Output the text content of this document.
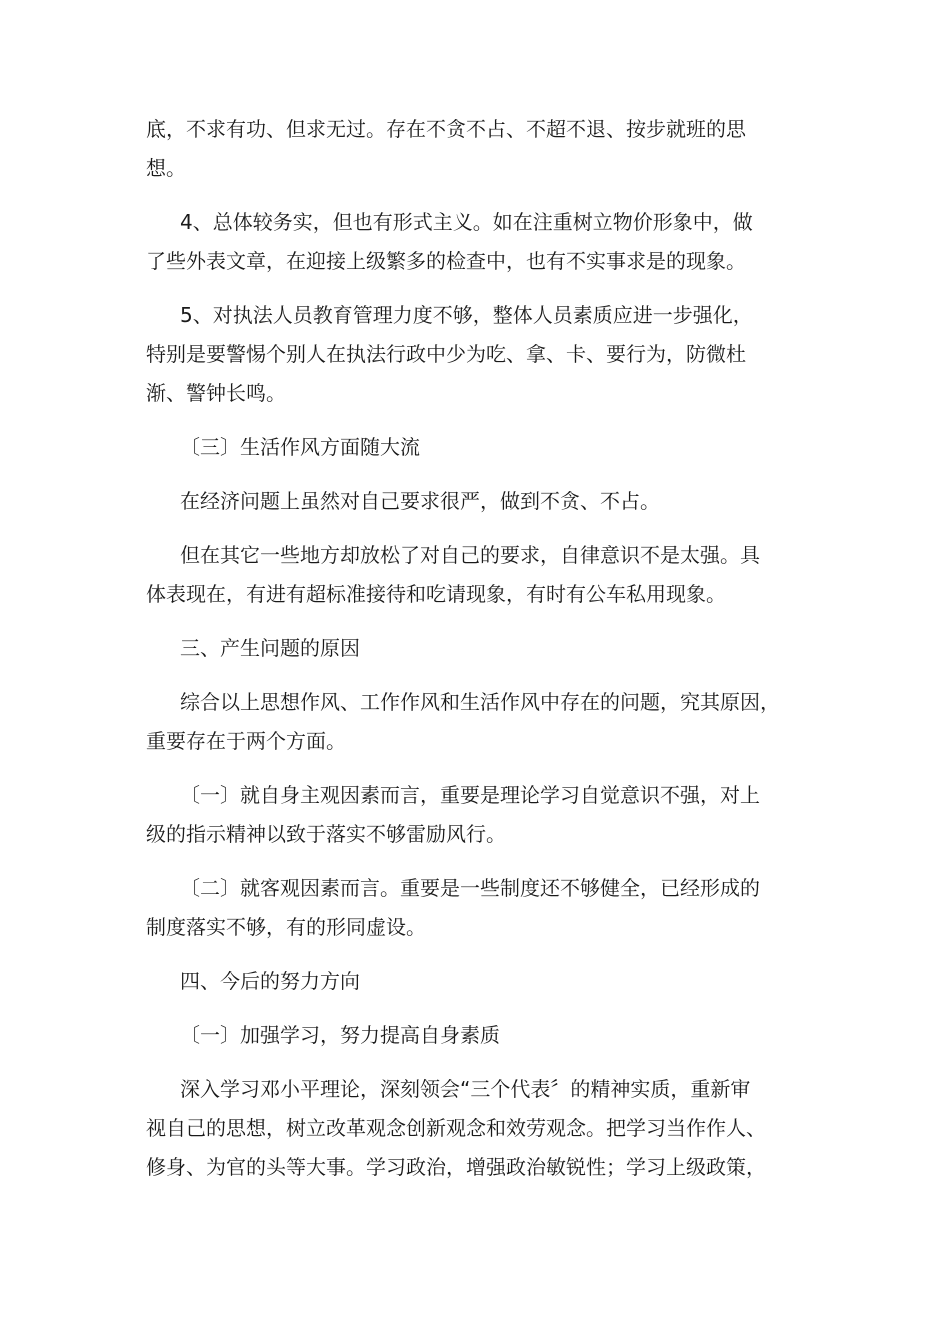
底，不求有功、但求无过。存在不贪不占、不超不退、按步就班的思
想。
4、总体较务实，但也有形式主义。如在注重树立物价形象中，做
了些外表文章，在迎接上级繁多的检查中，也有不实事求是的现象。
5、对执法人员教育管理力度不够，整体人员素质应进一步强化，
特别是要警惕个别人在执法行政中少为吃、拿、卡、要行为，防微杜
渐、警钟长鸣。
〔三〕生活作风方面随大流
在经济问题上虽然对自己要求很严，做到不贪、不占。
但在其它一些地方却放松了对自己的要求，自律意识不是太强。具
体表现在，有进有超标准接待和吃请现象，有时有公车私用现象。
三、产生问题的原因
综合以上思想作风、工作作风和生活作风中存在的问题，究其原因，
重要存在于两个方面。
〔一〕就自身主观因素而言，重要是理论学习自觉意识不强，对上
级的指示精神以致于落实不够雷励风行。
〔二〕就客观因素而言。重要是一些制度还不够健全，已经形成的
制度落实不够，有的形同虚设。
四、今后的努力方向
〔一〕加强学习，努力提高自身素质
深入学习邓小平理论，深刻领会“三个代表〞的精神实质，重新审
视自己的思想，树立改革观念创新观念和效劳观念。把学习当作作人、
修身、为官的头等大事。学习政治，增强政治敏锐性；学习上级政策，
